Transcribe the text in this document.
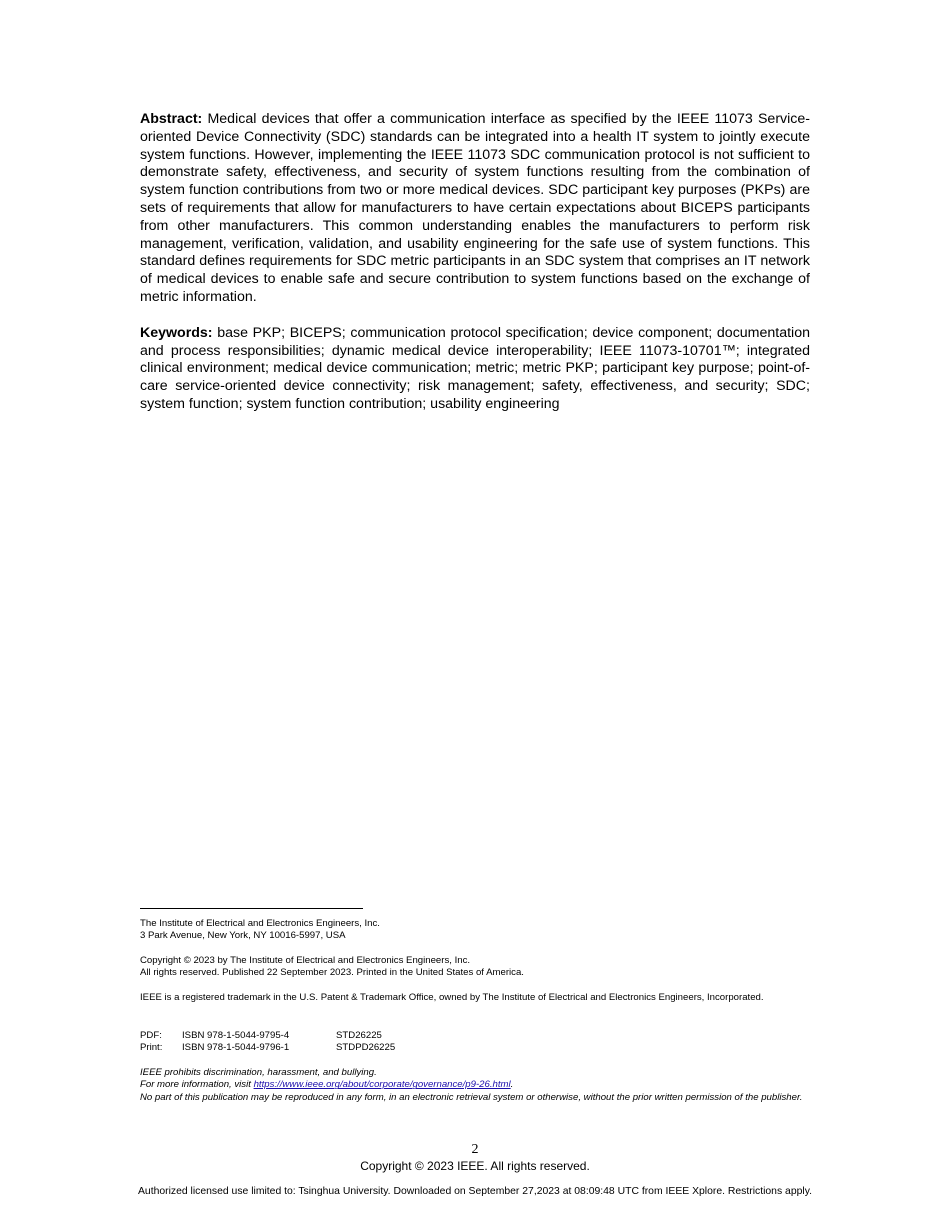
Abstract: Medical devices that offer a communication interface as specified by the IEEE 11073 Service-oriented Device Connectivity (SDC) standards can be integrated into a health IT system to jointly execute system functions. However, implementing the IEEE 11073 SDC communication protocol is not sufficient to demonstrate safety, effectiveness, and security of system functions resulting from the combination of system function contributions from two or more medical devices. SDC participant key purposes (PKPs) are sets of requirements that allow for manufacturers to have certain expectations about BICEPS participants from other manufacturers. This common understanding enables the manufacturers to perform risk management, verification, validation, and usability engineering for the safe use of system functions. This standard defines requirements for SDC metric participants in an SDC system that comprises an IT network of medical devices to enable safe and secure contribution to system functions based on the exchange of metric information.

Keywords: base PKP; BICEPS; communication protocol specification; device component; documentation and process responsibilities; dynamic medical device interoperability; IEEE 11073-10701™; integrated clinical environment; medical device communication; metric; metric PKP; participant key purpose; point-of-care service-oriented device connectivity; risk management; safety, effectiveness, and security; SDC; system function; system function contribution; usability engineering

The Institute of Electrical and Electronics Engineers, Inc.
3 Park Avenue, New York, NY 10016-5997, USA
Copyright © 2023 by The Institute of Electrical and Electronics Engineers, Inc.
All rights reserved. Published 22 September 2023. Printed in the United States of America.
IEEE is a registered trademark in the U.S. Patent & Trademark Office, owned by The Institute of Electrical and Electronics Engineers, Incorporated.
PDF:	ISBN 978-1-5044-9795-4	STD26225
Print:	ISBN 978-1-5044-9796-1	STDPD26225
IEEE prohibits discrimination, harassment, and bullying.
For more information, visit https://www.ieee.org/about/corporate/governance/p9-26.html.
No part of this publication may be reproduced in any form, in an electronic retrieval system or otherwise, without the prior written permission of the publisher.
2
Copyright © 2023 IEEE. All rights reserved.
Authorized licensed use limited to: Tsinghua University. Downloaded on September 27,2023 at 08:09:48 UTC from IEEE Xplore. Restrictions apply.
